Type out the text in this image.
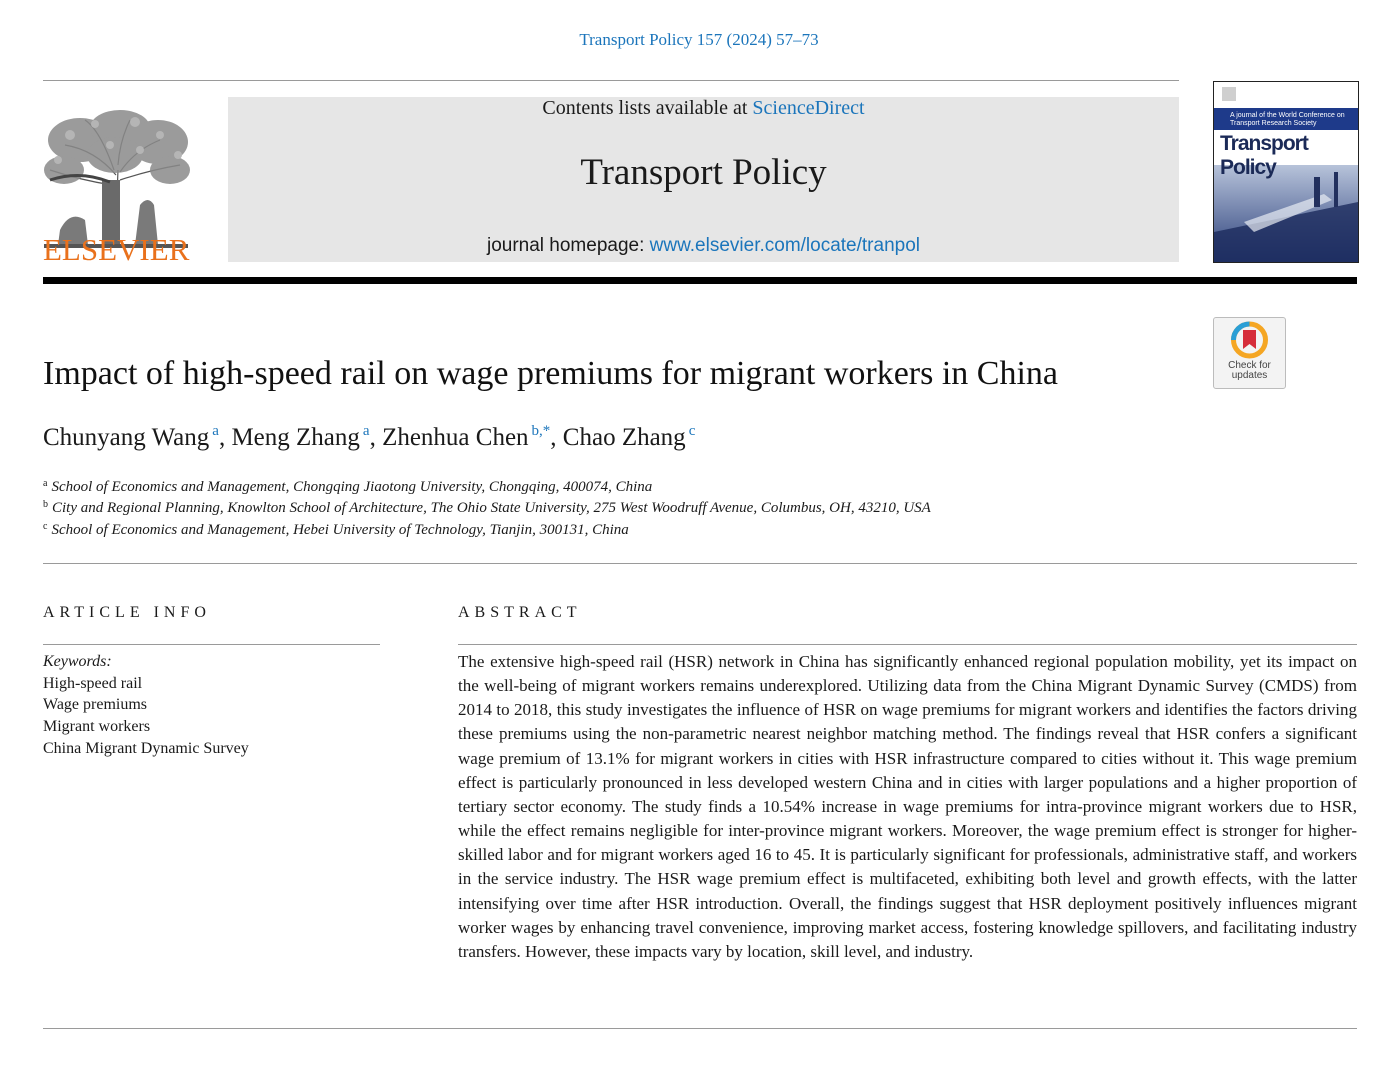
Transport Policy 157 (2024) 57–73
ELSEVIER
Contents lists available at ScienceDirect
Transport Policy
journal homepage: www.elsevier.com/locate/tranpol
A journal of the World Conference on Transport Research Society
Transport Policy
Check for updates
Impact of high-speed rail on wage premiums for migrant workers in China
Chunyang Wang $^a$, Meng Zhang $^a$, Zhenhua Chen $^{b,*}$, Chao Zhang $^c$
$^a$ School of Economics and Management, Chongqing Jiaotong University, Chongqing, 400074, China
$^b$ City and Regional Planning, Knowlton School of Architecture, The Ohio State University, 275 West Woodruff Avenue, Columbus, OH, 43210, USA
$^c$ School of Economics and Management, Hebei University of Technology, Tianjin, 300131, China
ARTICLE INFO
Keywords:
High-speed rail
Wage premiums
Migrant workers
China Migrant Dynamic Survey
ABSTRACT
The extensive high-speed rail (HSR) network in China has significantly enhanced regional population mobility, yet its impact on the well-being of migrant workers remains underexplored. Utilizing data from the China Migrant Dynamic Survey (CMDS) from 2014 to 2018, this study investigates the influence of HSR on wage premiums for migrant workers and identifies the factors driving these premiums using the non-parametric nearest neighbor matching method. The findings reveal that HSR confers a significant wage premium of 13.1% for migrant workers in cities with HSR infrastructure compared to cities without it. This wage premium effect is particularly pronounced in less developed western China and in cities with larger populations and a higher proportion of tertiary sector economy. The study finds a 10.54% increase in wage premiums for intra-province migrant workers due to HSR, while the effect remains negligible for inter-province migrant workers. Moreover, the wage premium effect is stronger for higher-skilled labor and for migrant workers aged 16 to 45. It is particularly significant for professionals, administrative staff, and workers in the service industry. The HSR wage premium effect is multifaceted, exhibiting both level and growth effects, with the latter intensifying over time after HSR introduction. Overall, the findings suggest that HSR deployment positively influences migrant worker wages by enhancing travel convenience, improving market access, fostering knowledge spillovers, and facilitating industry transfers. However, these impacts vary by location, skill level, and industry.
